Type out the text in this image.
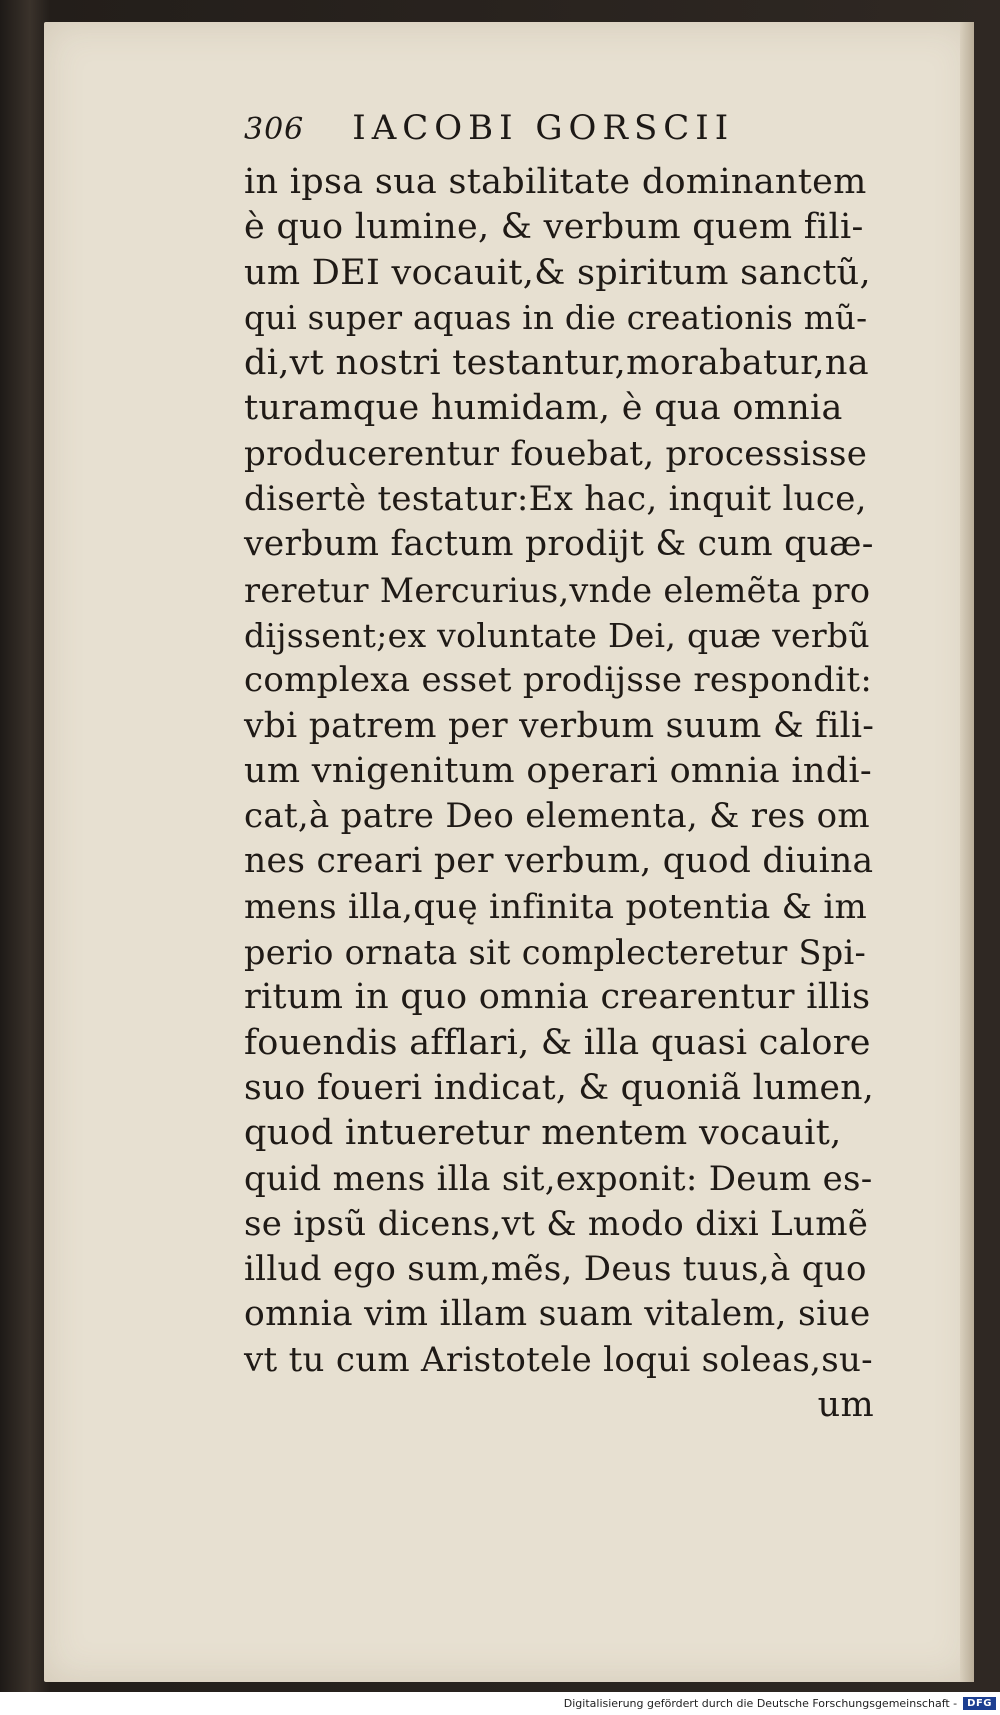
306 IACOBI GORSCII
in ipsa sua stabilitate dominantem
è quo lumine, & verbum quem fili-
um DEI vocauit,& spiritum sanctũ,
qui super aquas in die creationis mũ-
di,vt nostri testantur,morabatur,na
turamque humidam, è qua omnia
producerentur fouebat, processisse
disertè testatur:Ex hac, inquit luce,
verbum factum prodijt & cum quæ-
reretur Mercurius,vnde elemẽta pro
dijssent;ex voluntate Dei, quæ verbũ
complexa esset prodijsse respondit:
vbi patrem per verbum suum & fili-
um vnigenitum operari omnia indi-
cat,à patre Deo elementa, & res om
nes creari per verbum, quod diuina
mens illa,quę infinita potentia & im
perio ornata sit complecteretur Spi-
ritum in quo omnia crearentur illis
fouendis afflari, & illa quasi calore
suo foueri indicat, & quoniã lumen,
quod intueretur mentem vocauit,
quid mens illa sit,exponit: Deum es-
se ipsũ dicens,vt & modo dixi Lumẽ
illud ego sum,mẽs, Deus tuus,à quo
omnia vim illam suam vitalem, siue
vt tu cum Aristotele loqui soleas,su-
um
Digitalisierung gefördert durch die Deutsche Forschungsgemeinschaft -	DFG
